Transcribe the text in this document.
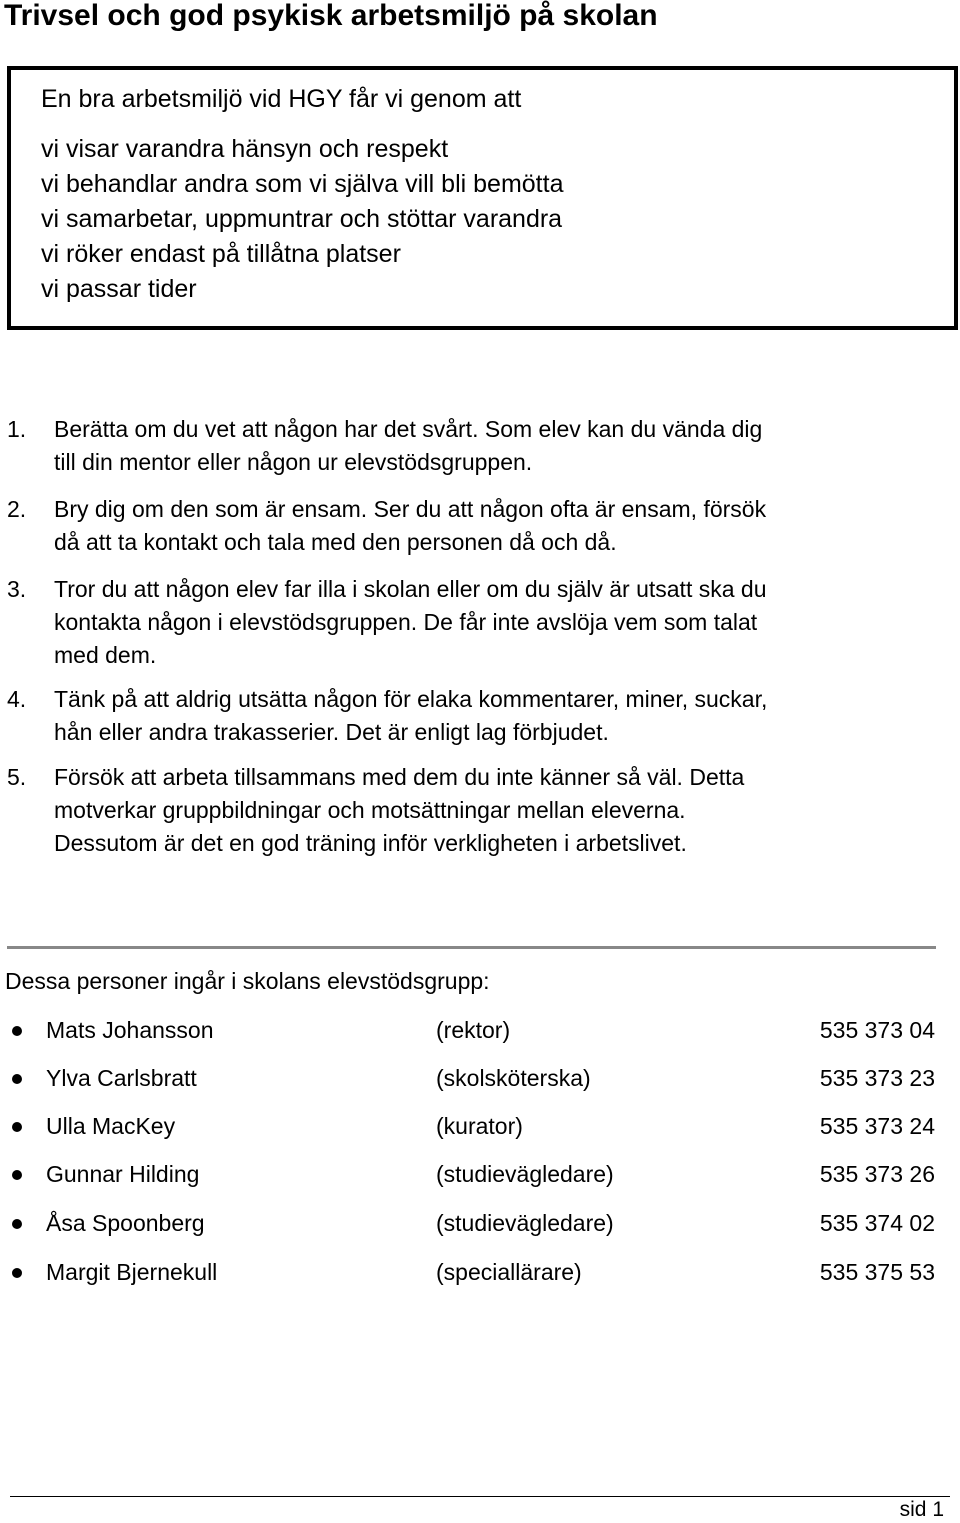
Trivsel och god psykisk arbetsmiljö på skolan
En bra arbetsmiljö vid HGY får vi genom att
vi visar varandra hänsyn och respekt
vi behandlar andra som vi själva vill bli bemötta
vi samarbetar, uppmuntrar och stöttar varandra
vi röker endast på tillåtna platser
vi passar tider
1. Berätta om du vet att någon har det svårt. Som elev kan du vända dig
till din mentor eller någon ur elevstödsgruppen.
2. Bry dig om den som är ensam. Ser du att någon ofta är ensam, försök
då att ta kontakt och tala med den personen då och då.
3. Tror du att någon elev far illa i skolan eller om du själv är utsatt ska du
kontakta någon i elevstödsgruppen. De får inte avslöja vem som talat
med dem.
4. Tänk på att aldrig utsätta någon för elaka kommentarer, miner, suckar,
hån eller andra trakasserier. Det är enligt lag förbjudet.
5. Försök att arbeta tillsammans med dem du inte känner så väl. Detta
motverkar gruppbildningar och motsättningar mellan eleverna.
Dessutom är det en god träning inför verkligheten i arbetslivet.
Dessa personer ingår i skolans elevstödsgrupp:
Mats Johansson	(rektor)	535 373 04
Ylva Carlsbratt	(skolsköterska)	535 373 23
Ulla MacKey	(kurator)	535 373 24
Gunnar Hilding	(studievägledare)	535 373 26
Åsa Spoonberg	(studievägledare)	535 374 02
Margit Bjernekull	(speciallärare)	535 375 53
sid 1
